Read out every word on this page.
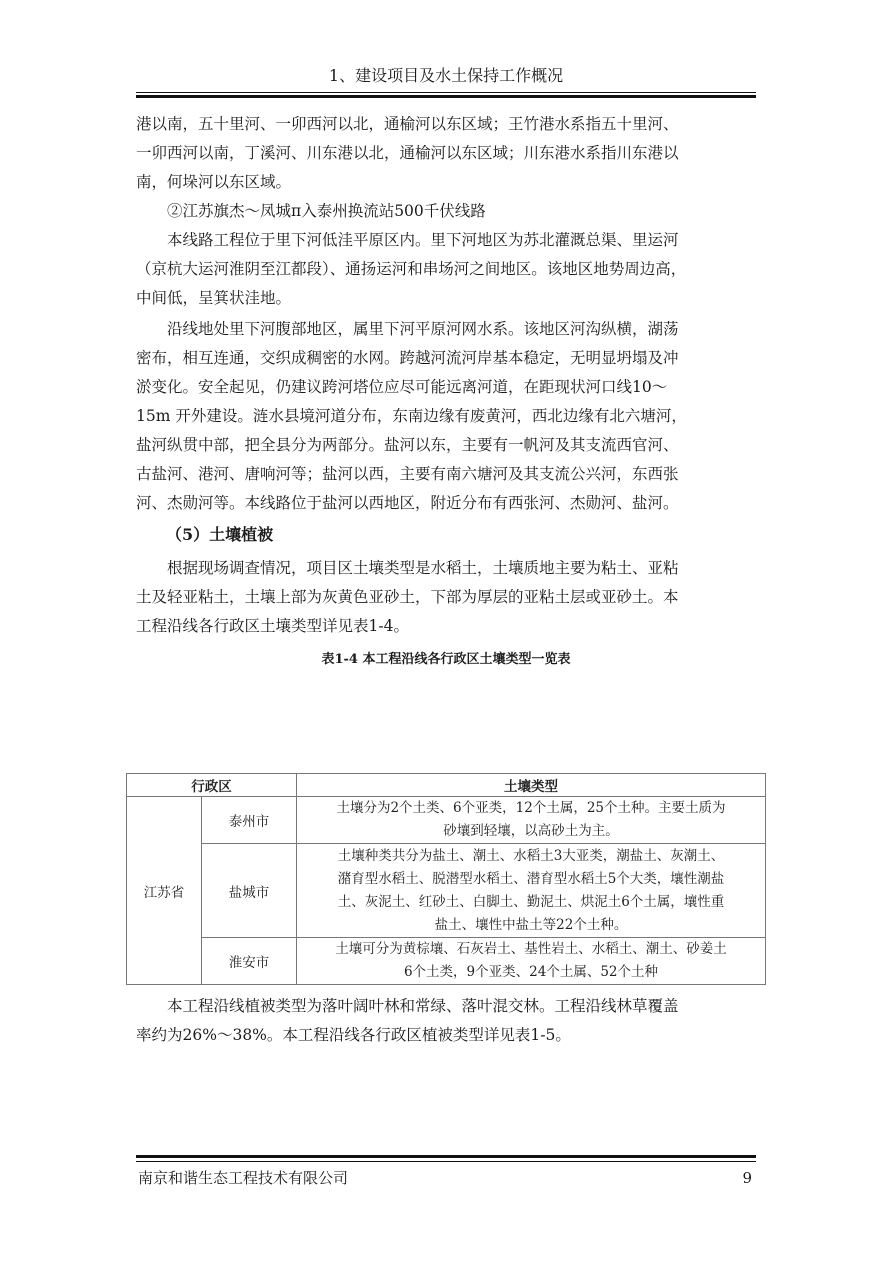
1、建设项目及水土保持工作概况

港以南，五十里河、一卯西河以北，通榆河以东区域；王竹港水系指五十里河、
一卯西河以南，丁溪河、川东港以北，通榆河以东区域；川东港水系指川东港以
南，何垛河以东区域。

②江苏旗杰～凤城π入泰州换流站500千伏线路

本线路工程位于里下河低洼平原区内。里下河地区为苏北灌溉总渠、里运河
（京杭大运河淮阴至江都段）、通扬运河和串场河之间地区。该地区地势周边高，
中间低，呈箕状洼地。

沿线地处里下河腹部地区，属里下河平原河网水系。该地区河沟纵横，湖荡
密布，相互连通，交织成稠密的水网。跨越河流河岸基本稳定，无明显坍塌及冲
淤变化。安全起见，仍建议跨河塔位应尽可能远离河道，在距现状河口线10～
15m 开外建设。涟水县境河道分布，东南边缘有废黄河，西北边缘有北六塘河，
盐河纵贯中部，把全县分为两部分。盐河以东，主要有一帆河及其支流西官河、
古盐河、港河、唐响河等；盐河以西，主要有南六塘河及其支流公兴河，东西张
河、杰勋河等。本线路位于盐河以西地区，附近分布有西张河、杰勋河、盐河。

（5）土壤植被

根据现场调查情况，项目区土壤类型是水稻土，土壤质地主要为粘土、亚粘
土及轻亚粘土，土壤上部为灰黄色亚砂土，下部为厚层的亚粘土层或亚砂土。本
工程沿线各行政区土壤类型详见表1-4。

表1-4 本工程沿线各行政区土壤类型一览表
行政区		土壤类型
江苏省	泰州市	土壤分为2个土类、6个亚类，12个土属，25个土种。主要土质为
砂壤到轻壤，以高砂土为主。

	盐城市	土壤种类共分为盐土、潮土、水稻土3大亚类，潮盐土、灰潮土、
潴育型水稻土、脱潜型水稻土、潜育型水稻土5个大类，壤性潮盐
土、灰泥土、红砂土、白脚土、勤泥土、烘泥土6个土属，壤性重
盐土、壤性中盐土等22个土种。

	淮安市	土壤可分为黄棕壤、石灰岩土、基性岩土、水稻土、潮土、砂姜土
6个土类，9个亚类、24个土属、52个土种

本工程沿线植被类型为落叶阔叶林和常绿、落叶混交林。工程沿线林草覆盖
率约为26%～38%。本工程沿线各行政区植被类型详见表1-5。

南京和谐生态工程技术有限公司	9
